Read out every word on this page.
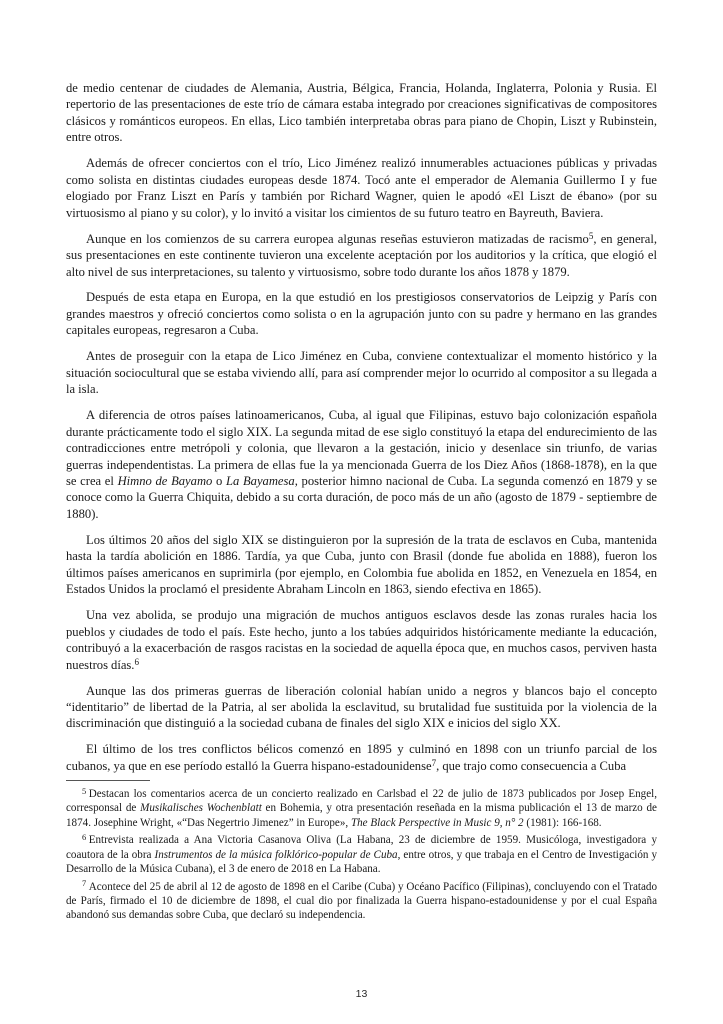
de medio centenar de ciudades de Alemania, Austria, Bélgica, Francia, Holanda, Inglaterra, Polonia y Rusia. El repertorio de las presentaciones de este trío de cámara estaba integrado por creaciones significativas de compositores clásicos y románticos europeos. En ellas, Lico también interpretaba obras para piano de Chopin, Liszt y Rubinstein, entre otros.

Además de ofrecer conciertos con el trío, Lico Jiménez realizó innumerables actuaciones públicas y privadas como solista en distintas ciudades europeas desde 1874. Tocó ante el emperador de Alemania Guillermo I y fue elogiado por Franz Liszt en París y también por Richard Wagner, quien le apodó «El Liszt de ébano» (por su virtuosismo al piano y su color), y lo invitó a visitar los cimientos de su futuro teatro en Bayreuth, Baviera.

Aunque en los comienzos de su carrera europea algunas reseñas estuvieron matizadas de racismo$^5$, en general, sus presentaciones en este continente tuvieron una excelente aceptación por los auditorios y la crítica, que elogió el alto nivel de sus interpretaciones, su talento y virtuosismo, sobre todo durante los años 1878 y 1879.

Después de esta etapa en Europa, en la que estudió en los prestigiosos conservatorios de Leipzig y París con grandes maestros y ofreció conciertos como solista o en la agrupación junto con su padre y hermano en las grandes capitales europeas, regresaron a Cuba.

Antes de proseguir con la etapa de Lico Jiménez en Cuba, conviene contextualizar el momento histórico y la situación sociocultural que se estaba viviendo allí, para así comprender mejor lo ocurrido al compositor a su llegada a la isla.

A diferencia de otros países latinoamericanos, Cuba, al igual que Filipinas, estuvo bajo colonización española durante prácticamente todo el siglo XIX. La segunda mitad de ese siglo constituyó la etapa del endurecimiento de las contradicciones entre metrópoli y colonia, que llevaron a la gestación, inicio y desenlace sin triunfo, de varias guerras independentistas. La primera de ellas fue la ya mencionada Guerra de los Diez Años (1868-1878), en la que se crea el Himno de Bayamo o La Bayamesa, posterior himno nacional de Cuba. La segunda comenzó en 1879 y se conoce como la Guerra Chiquita, debido a su corta duración, de poco más de un año (agosto de 1879 - septiembre de 1880).

Los últimos 20 años del siglo XIX se distinguieron por la supresión de la trata de esclavos en Cuba, mantenida hasta la tardía abolición en 1886. Tardía, ya que Cuba, junto con Brasil (donde fue abolida en 1888), fueron los últimos países americanos en suprimirla (por ejemplo, en Colombia fue abolida en 1852, en Venezuela en 1854, en Estados Unidos la proclamó el presidente Abraham Lincoln en 1863, siendo efectiva en 1865).

Una vez abolida, se produjo una migración de muchos antiguos esclavos desde las zonas rurales hacia los pueblos y ciudades de todo el país. Este hecho, junto a los tabúes adquiridos históricamente mediante la educación, contribuyó a la exacerbación de rasgos racistas en la sociedad de aquella época que, en muchos casos, perviven hasta nuestros días.$^6$

Aunque las dos primeras guerras de liberación colonial habían unido a negros y blancos bajo el concepto “identitario” de libertad de la Patria, al ser abolida la esclavitud, su brutalidad fue sustituida por la violencia de la discriminación que distinguió a la sociedad cubana de finales del siglo XIX e inicios del siglo XX.

El último de los tres conflictos bélicos comenzó en 1895 y culminó en 1898 con un triunfo parcial de los cubanos, ya que en ese período estalló la Guerra hispano-estadounidense$^7$, que trajo como consecuencia a Cuba

$^5$ Destacan los comentarios acerca de un concierto realizado en Carlsbad el 22 de julio de 1873 publicados por Josep Engel, corresponsal de Musikalisches Wochenblatt en Bohemia, y otra presentación reseñada en la misma publicación el 13 de marzo de 1874. Josephine Wright, «“Das Negertrio Jimenez” in Europe», The Black Perspective in Music 9, n° 2 (1981): 166-168.

$^6$ Entrevista realizada a Ana Victoria Casanova Oliva (La Habana, 23 de diciembre de 1959. Musicóloga, investigadora y coautora de la obra Instrumentos de la música folklórico-popular de Cuba, entre otros, y que trabaja en el Centro de Investigación y Desarrollo de la Música Cubana), el 3 de enero de 2018 en La Habana.

$^7$ Acontece del 25 de abril al 12 de agosto de 1898 en el Caribe (Cuba) y Océano Pacífico (Filipinas), concluyendo con el Tratado de París, firmado el 10 de diciembre de 1898, el cual dio por finalizada la Guerra hispano-estadounidense y por el cual España abandonó sus demandas sobre Cuba, que declaró su independencia.

13
